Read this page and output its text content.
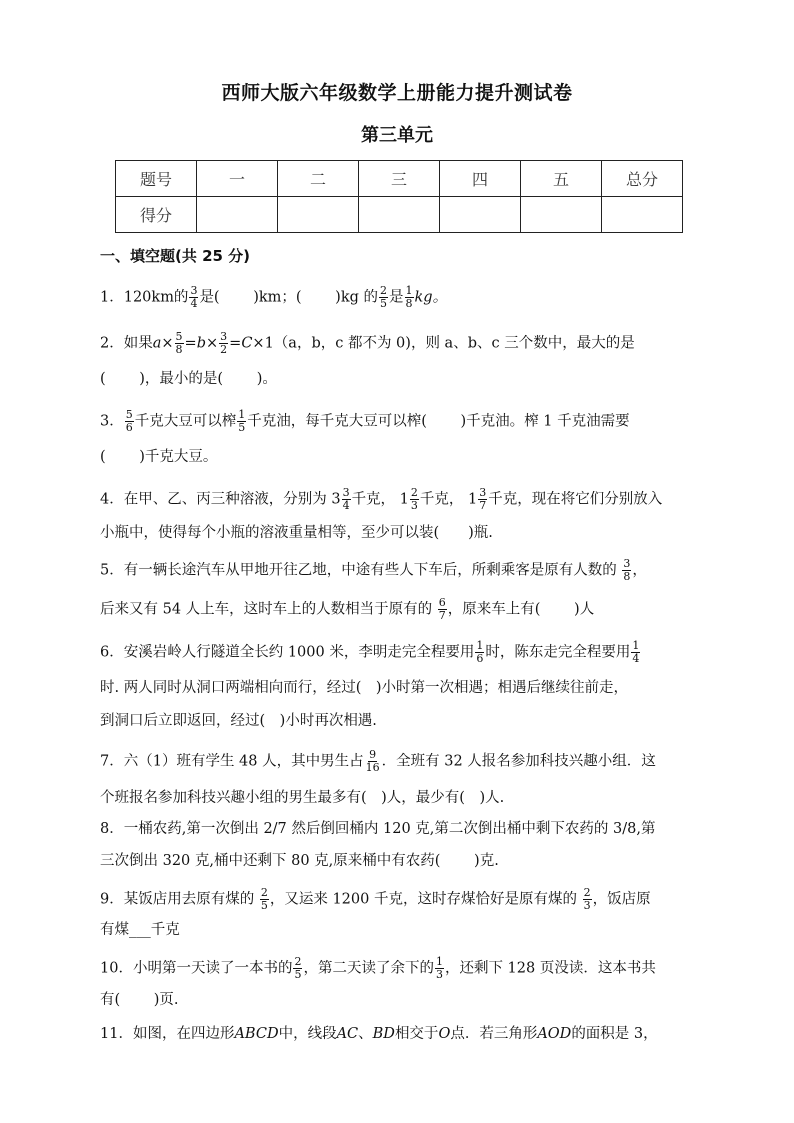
西师大版六年级数学上册能力提升测试卷
第三单元
题号	一	二	三	四	五	总分
得分						
一、填空题(共 25 分)
1．120km的 $\frac{3}{4}$ 是(　　 )km；(　　 )kg 的 $\frac{2}{5}$ 是 $\frac{1}{8}$ kg。
2．如果$a\times \frac{5}{8} =b\times \frac{3}{2} =C\times 1(a$，b，c 都不为 0)，则 a、b、c 三个数中，最大的是
(　　 )，最小的是(　　 )。
3． $\frac{5}{6}$ 千克大豆可以榨 $\frac{1}{5}$ 千克油，每千克大豆可以榨(　　 )千克油。榨 1 千克油需要
(　　 )千克大豆。
4．在甲、乙、丙三种溶液，分别为 $3 \frac{3}{4}$ 千克， $1 \frac{2}{3}$ 千克， $1 \frac{3}{7}$ 千克，现在将它们分别放入
小瓶中，使得每个小瓶的溶液重量相等，至少可以装(　　)瓶.
5．有一辆长途汽车从甲地开往乙地，中途有些人下车后，所剩乘客是原有人数的 $\frac{3}{8}$ ，
后来又有 54 人上车，这时车上的人数相当于原有的 $\frac{6}{7}$ ，原来车上有(　　 )人
6．安溪岩岭人行隧道全长约 1000 米，李明走完全程要用 $\frac{1}{6}$ 时，陈东走完全程要用 $\frac{1}{4}$
时. 两人同时从洞口两端相向而行，经过(　)小时第一次相遇；相遇后继续往前走，
到洞口后立即返回，经过(　)小时再次相遇.
7．六（1）班有学生 48 人，其中男生占 $\frac{9}{16}$ ．全班有 32 人报名参加科技兴趣小组．这
个班报名参加科技兴趣小组的男生最多有(　)人，最少有(　)人.
8．一桶农药,第一次倒出 2/7 然后倒回桶内 120 克,第二次倒出桶中剩下农药的 3/8,第
三次倒出 320 克,桶中还剩下 80 克,原来桶中有农药(　　 )克.
9．某饭店用去原有煤的 $\frac{2}{5}$ ，又运来 1200 千克，这时存煤恰好是原有煤的 $\frac{2}{3}$ ，饭店原
有煤___千克
10．小明第一天读了一本书的 $\frac{2}{5}$ ，第二天读了余下的 $\frac{1}{3}$ ，还剩下 128 页没读．这本书共
有(　　 )页.
11．如图，在四边形ABCD中，线段AC、BD相交于O点．若三角形AOD的面积是 3，
